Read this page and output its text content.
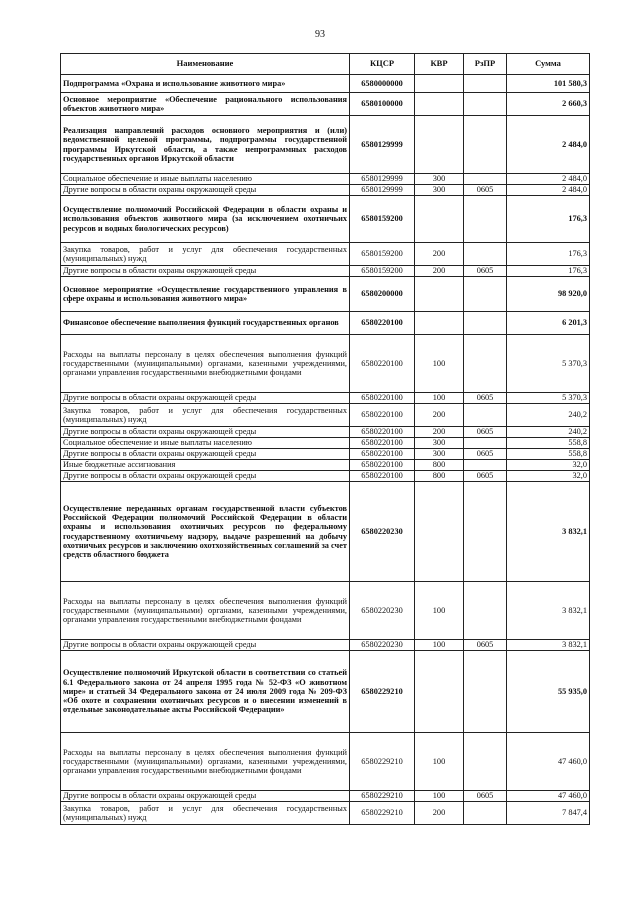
93
Наименование	КЦСР	КВР	РзПР	Сумма
Подпрограмма «Охрана и использование животного мира»	6580000000			101 580,3
Основное мероприятие «Обеспечение рационального использования объектов животного мира»	6580100000			2 660,3
Реализация направлений расходов основного мероприятия и (или) ведомственной целевой программы, подпрограммы государственной программы Иркутской области, а также непрограммных расходов государственных органов Иркутской области	6580129999			2 484,0
Социальное обеспечение и иные выплаты населению	6580129999	300		2 484,0
Другие вопросы в области охраны окружающей среды	6580129999	300	0605	2 484,0
Осуществление полномочий Российской Федерации в области охраны и использования объектов животного мира (за исключением охотничьих ресурсов и водных биологических ресурсов)	6580159200			176,3
Закупка товаров, работ и услуг для обеспечения государственных (муниципальных) нужд	6580159200	200		176,3
Другие вопросы в области охраны окружающей среды	6580159200	200	0605	176,3
Основное мероприятие «Осуществление государственного управления в сфере охраны и использования животного мира»	6580200000			98 920,0
Финансовое обеспечение выполнения функций государственных органов	6580220100			6 201,3
Расходы на выплаты персоналу в целях обеспечения выполнения функций государственными (муниципальными) органами, казенными учреждениями, органами управления государственными внебюджетными фондами	6580220100	100		5 370,3
Другие вопросы в области охраны окружающей среды	6580220100	100	0605	5 370,3
Закупка товаров, работ и услуг для обеспечения государственных (муниципальных) нужд	6580220100	200		240,2
Другие вопросы в области охраны окружающей среды	6580220100	200	0605	240,2
Социальное обеспечение и иные выплаты населению	6580220100	300		558,8
Другие вопросы в области охраны окружающей среды	6580220100	300	0605	558,8
Иные бюджетные ассигнования	6580220100	800		32,0
Другие вопросы в области охраны окружающей среды	6580220100	800	0605	32,0
Осуществление переданных органам государственной власти субъектов Российской Федерации полномочий Российской Федерации в области охраны и использования охотничьих ресурсов по федеральному государственному охотничьему надзору, выдаче разрешений на добычу охотничьих ресурсов и заключению охотхозяйственных соглашений за счет средств областного бюджета	6580220230			3 832,1
Расходы на выплаты персоналу в целях обеспечения выполнения функций государственными (муниципальными) органами, казенными учреждениями, органами управления государственными внебюджетными фондами	6580220230	100		3 832,1
Другие вопросы в области охраны окружающей среды	6580220230	100	0605	3 832,1
Осуществление полномочий Иркутской области в соответствии со статьей 6.1 Федерального закона от 24 апреля 1995 года № 52-ФЗ «О животном мире» и статьей 34 Федерального закона от 24 июля 2009 года № 209-ФЗ «Об охоте и сохранении охотничьих ресурсов и о внесении изменений в отдельные законодательные акты Российской Федерации»	6580229210			55 935,0
Расходы на выплаты персоналу в целях обеспечения выполнения функций государственными (муниципальными) органами, казенными учреждениями, органами управления государственными внебюджетными фондами	6580229210	100		47 460,0
Другие вопросы в области охраны окружающей среды	6580229210	100	0605	47 460,0
Закупка товаров, работ и услуг для обеспечения государственных (муниципальных) нужд	6580229210	200		7 847,4
